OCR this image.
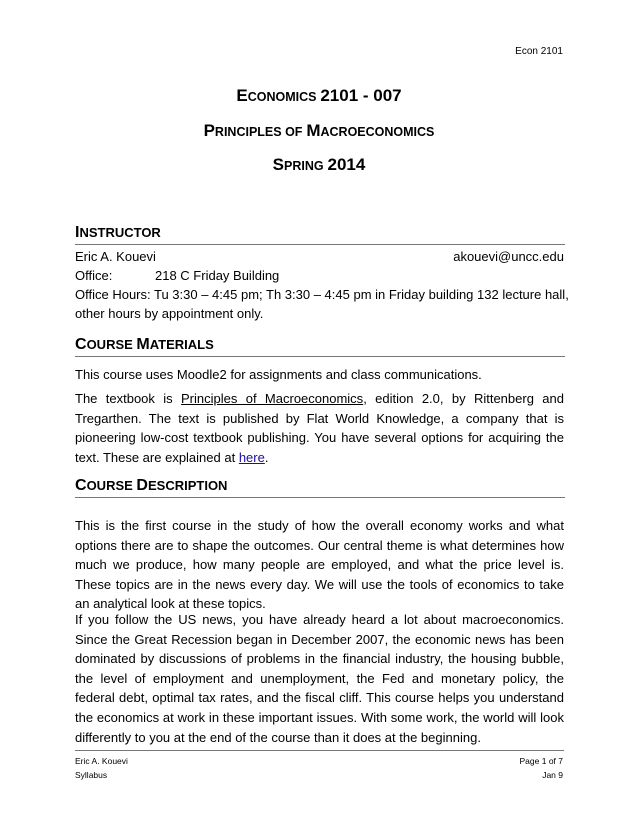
Econ 2101
ECONOMICS 2101 - 007
PRINCIPLES OF MACROECONOMICS
SPRING 2014
INSTRUCTOR
Eric A. Kouevi	akouevi@uncc.edu
Office:	218 C Friday Building
Office Hours: Tu 3:30 – 4:45 pm; Th 3:30 – 4:45 pm in Friday building 132 lecture hall,
other hours by appointment only.
COURSE MATERIALS
This course uses Moodle2 for assignments and class communications.
The textbook is Principles of Macroeconomics, edition 2.0, by Rittenberg and Tregarthen. The text is published by Flat World Knowledge, a company that is pioneering low-cost textbook publishing. You have several options for acquiring the text. These are explained at here.
COURSE DESCRIPTION
This is the first course in the study of how the overall economy works and what options there are to shape the outcomes. Our central theme is what determines how much we produce, how many people are employed, and what the price level is. These topics are in the news every day. We will use the tools of economics to take an analytical look at these topics.
If you follow the US news, you have already heard a lot about macroeconomics. Since the Great Recession began in December 2007, the economic news has been dominated by discussions of problems in the financial industry, the housing bubble, the level of employment and unemployment, the Fed and monetary policy, the federal debt, optimal tax rates, and the fiscal cliff. This course helps you understand the economics at work in these important issues. With some work, the world will look differently to you at the end of the course than it does at the beginning.
Eric A. Kouevi
Syllabus
Page 1 of 7
Jan 9
